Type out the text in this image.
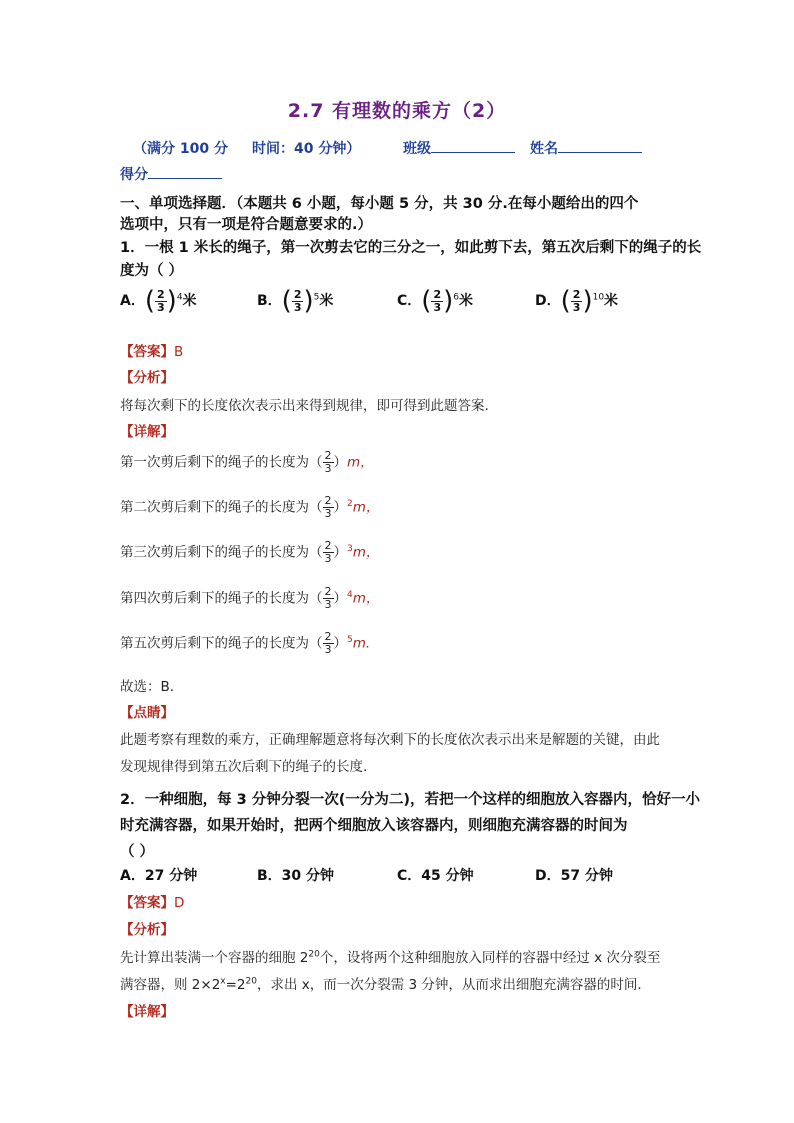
2.7 有理数的乘方（2）
（满分 100 分 时间：40 分钟）	班级	姓名
得分
一、单项选择题．（本题共 6 小题，每小题 5 分，共 30 分.在每小题给出的四个
选项中，只有一项是符合题意要求的.）
1．一根 1 米长的绳子，第一次剪去它的三分之一，如此剪下去，第五次后剩下的绳子的长
度为（ ）
A．( $\frac{2}{3} )^4$米	B．( $\frac{2}{3} )^5$米	C．( $\frac{2}{3} )^6$米	D．( $\frac{2}{3} )^{10}$米
【答案】B
【分析】
将每次剩下的长度依次表示出来得到规律，即可得到此题答案.
【详解】
第一次剪后剩下的绳子的长度为（ $\frac{2}{3} )m$，
第二次剪后剩下的绳子的长度为（ $\frac{2}{3} )^2m$，
第三次剪后剩下的绳子的长度为（ $\frac{2}{3} )^3m$，
第四次剪后剩下的绳子的长度为（ $\frac{2}{3} )^4m$，
第五次剪后剩下的绳子的长度为（ $\frac{2}{3} )^5m$.
故选：B．
【点睛】
此题考察有理数的乘方，正确理解题意将每次剩下的长度依次表示出来是解题的关键，由此
发现规律得到第五次后剩下的绳子的长度.
2．一种细胞，每 3 分钟分裂一次(一分为二)，若把一个这样的细胞放入容器内，恰好一小
时充满容器，如果开始时，把两个细胞放入该容器内，则细胞充满容器的时间为
（ ）
A．27 分钟	B．30 分钟	C．45 分钟	D．57 分钟
【答案】D
【分析】
先计算出装满一个容器的细胞 $2^{20}$个，设将两个这种细胞放入同样的容器中经过 x 次分裂至
满容器，则 $2\times 2^x=2^{20}$，求出 x，而一次分裂需 3 分钟，从而求出细胞充满容器的时间.
【详解】
